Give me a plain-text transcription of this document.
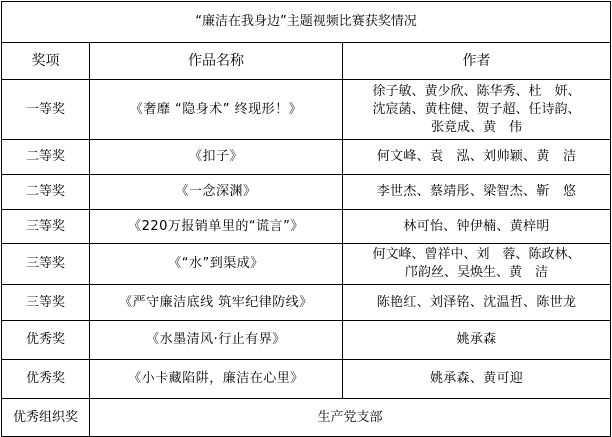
“廉洁在我身边”主题视频比赛获奖情况		
奖项	作品名称	作者
一等奖	《奢靡 “隐身术” 终现形！》	徐子敏、黄少欣、陈华秀、杜　妍、
沈宸菡、黄柱健、贺子超、任诗韵、
张竟成、黄　伟

二等奖	《扣子》	何文峰、袁　泓、刘帅颖、黄　洁
二等奖	《一念深渊》	李世杰、蔡靖彤、梁智杰、靳　悠
三等奖	《220万报销单里的“谎言”》	林可怡、钟伊楠、黄梓明
三等奖	《“水”到渠成》	何文峰、曾祥中、刘　蓉、陈政林、
邝韵丝、吴焕生、黄　洁

三等奖	《严守廉洁底线 筑牢纪律防线》	陈艳红、刘泽铭、沈温哲、陈世龙
优秀奖	《水墨清风·行止有界》	姚承森
优秀奖	《小卡藏陷阱，廉洁在心里》	姚承森、黄可迎
优秀组织奖	生产党支部	
